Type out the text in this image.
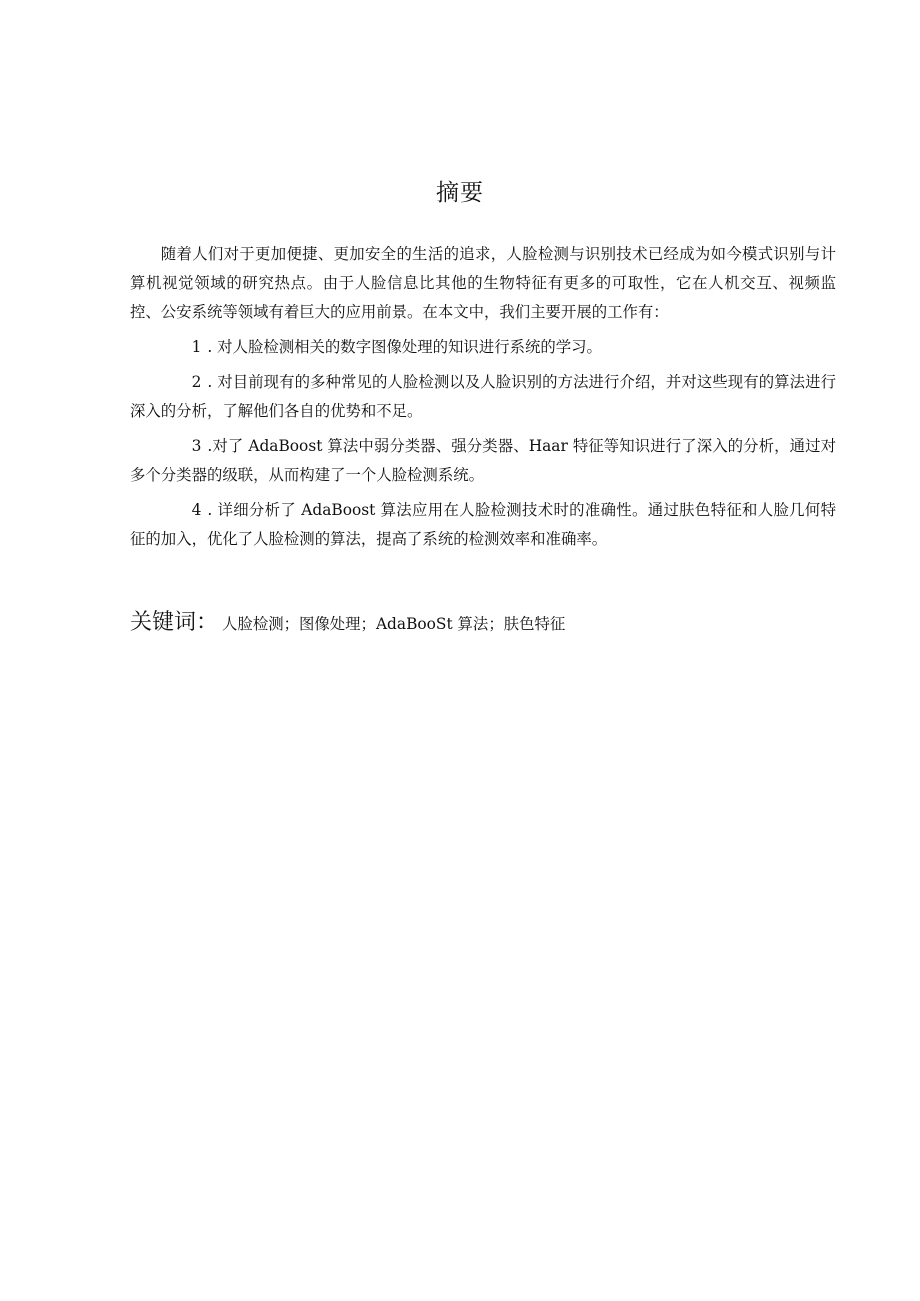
摘要

随着人们对于更加便捷、更加安全的生活的追求，人脸检测与识别技术已经成为如今模式识别与计算机视觉领域的研究热点。由于人脸信息比其他的生物特征有更多的可取性，它在人机交互、视频监控、公安系统等领域有着巨大的应用前景。在本文中，我们主要开展的工作有：

1 . 对人脸检测相关的数字图像处理的知识进行系统的学习。

2 . 对目前现有的多种常见的人脸检测以及人脸识别的方法进行介绍，并对这些现有的算法进行深入的分析，了解他们各自的优势和不足。

3 .对了 AdaBoost 算法中弱分类器、强分类器、Haar 特征等知识进行了深入的分析，通过对多个分类器的级联，从而构建了一个人脸检测系统。

4 . 详细分析了 AdaBoost 算法应用在人脸检测技术时的准确性。通过肤色特征和人脸几何特征的加入，优化了人脸检测的算法，提高了系统的检测效率和准确率。

关键词： 人脸检测；图像处理；AdaBooSt 算法；肤色特征
